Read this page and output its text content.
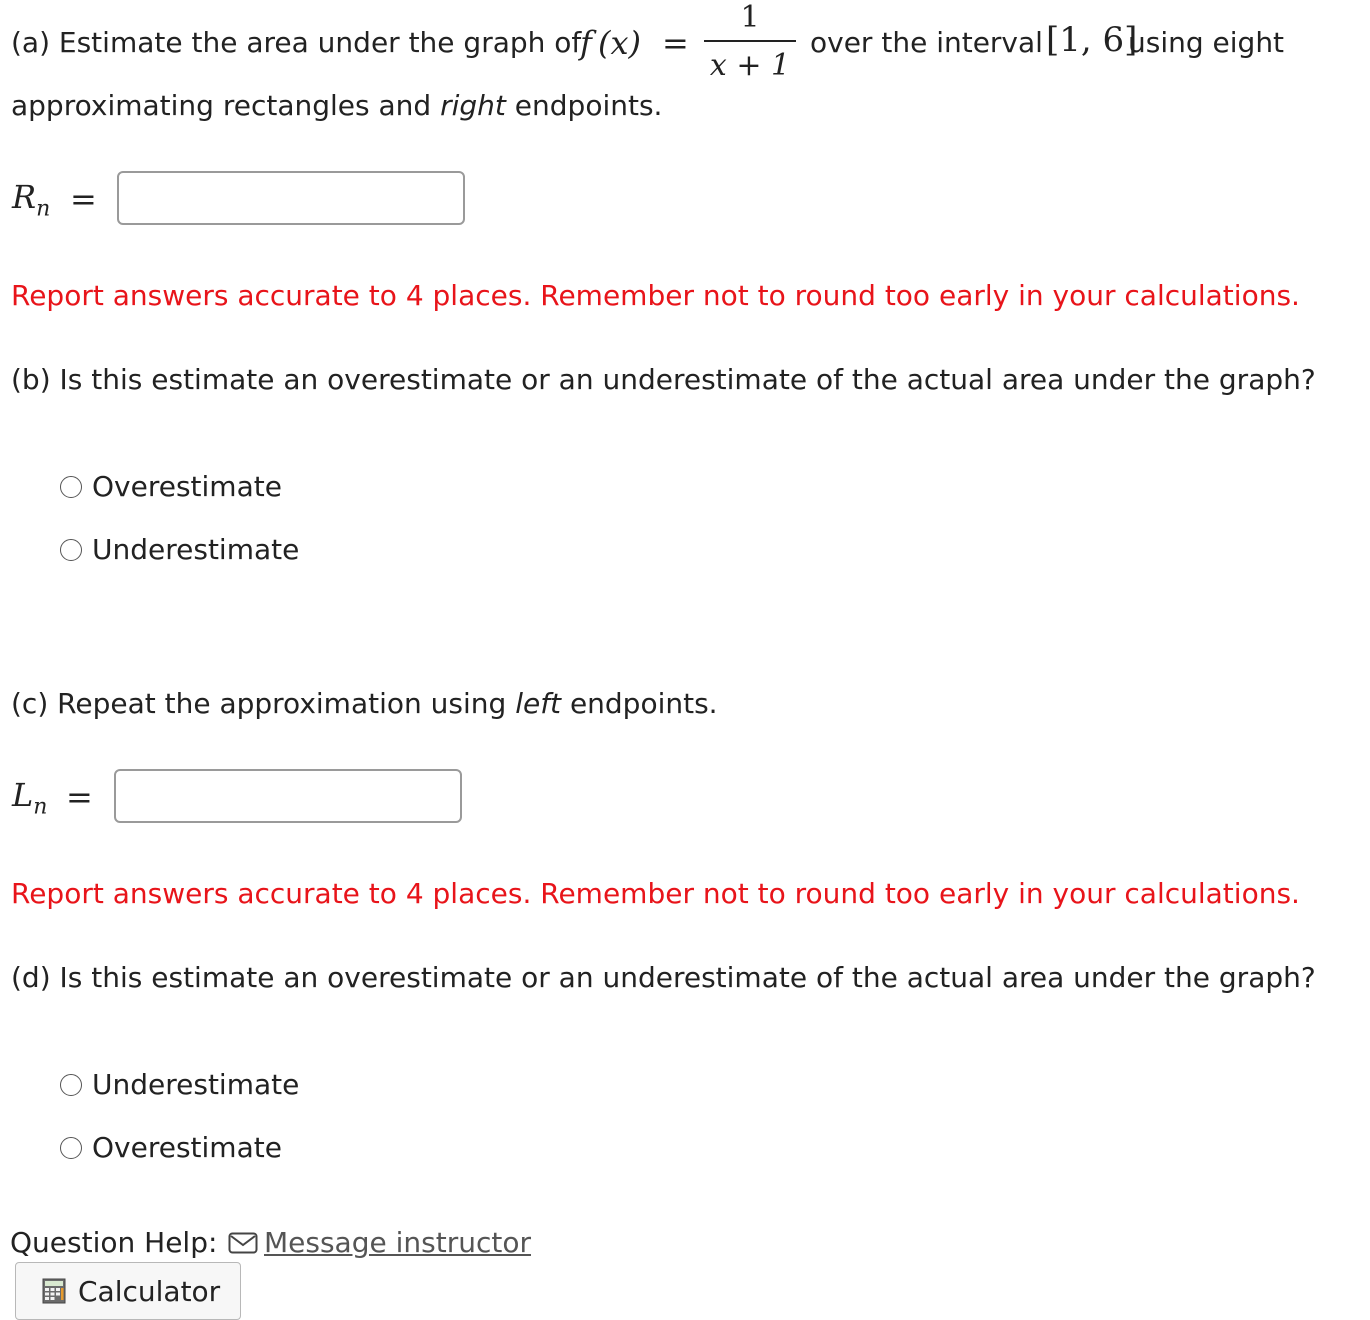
(a) Estimate the area under the graph of
f (x) =
1
x + 1
over the interval [1, 6]
using eight
approximating rectangles and right endpoints.
$R_n$ =
Report answers accurate to 4 places. Remember not to round too early in your calculations.
(b) Is this estimate an overestimate or an underestimate of the actual area under the graph?
Overestimate
Underestimate
(c) Repeat the approximation using left endpoints.
$L_n$ =
Report answers accurate to 4 places. Remember not to round too early in your calculations.
(d) Is this estimate an overestimate or an underestimate of the actual area under the graph?
Underestimate
Overestimate
Question Help: Message instructor
Calculator
